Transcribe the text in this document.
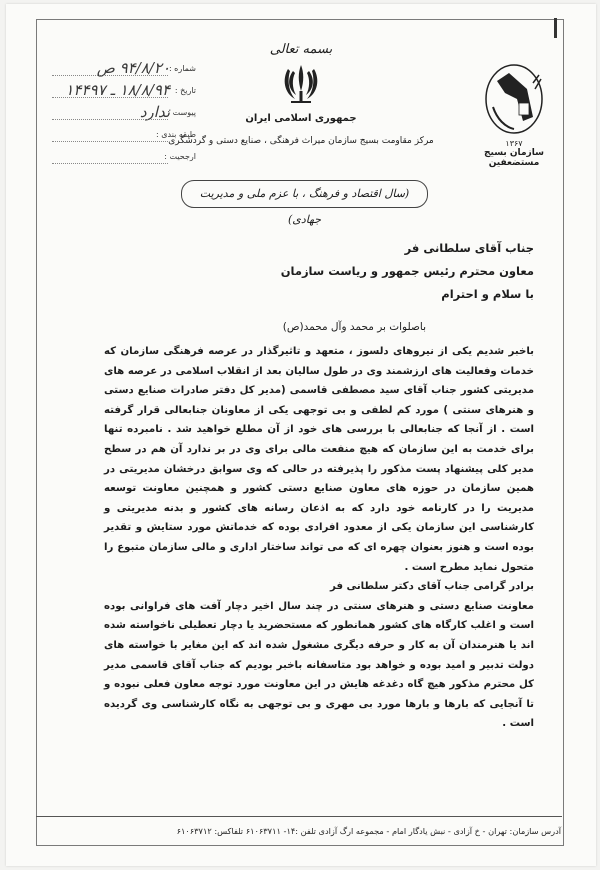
شماره :
۹۴/۸/۲۰ ص
تاریخ :
۱۸/۸/۹۴ ـ ۱۴۴۹۷
پیوست :
ندارد
طبقه بندی :
ارجحیت :
بسمه تعالی
جمهوری اسلامی ایران
مرکز مقاومت بسیج سازمان میراث فرهنگی ، صنایع دستی و گردشگری	۱۳۶۷
سازمان بسیج مستضعفین
(سال اقتصاد و فرهنگ ، با عزم ملی و مدیریت جهادی)

جناب آقای سلطانی فر

معاون محترم رئیس جمهور و ریاست سازمان

با سلام و احترام

باصلوات بر محمد وآل محمد(ص)

باخبر شدیم یکی از نیروهای دلسوز ، متعهد و تاثیرگذار در عرصه فرهنگی سازمان که خدمات وفعالیت های ارزشمند وی در طول سالیان بعد از انقلاب اسلامی در عرصه های مدیریتی کشور جناب آقای سید مصطفی قاسمی (مدیر کل دفتر صادرات صنایع دستی و هنرهای سنتی ) مورد کم لطفی و بی توجهی یکی از معاونان جنابعالی قرار گرفته است . از آنجا که جنابعالی با بررسی های خود از آن مطلع خواهید شد . نامبرده تنها برای خدمت به این سازمان که هیچ منفعت مالی برای وی در بر ندارد آن هم در سطح مدیر کلی پیشنهاد پست مذکور را پذیرفته در حالی که وی سوابق درخشان مدیریتی در همین سازمان در حوزه های معاون صنایع دستی کشور و همچنین معاونت توسعه مدیریت را در کارنامه خود دارد که به اذعان رسانه های کشور و بدنه مدیریتی و کارشناسی این سازمان یکی از معدود افرادی بوده که خدماتش مورد ستایش و تقدیر بوده است و هنوز بعنوان چهره ای که می تواند ساختار اداری و مالی سازمان متبوع را متحول نماید مطرح است .

برادر گرامی جناب آقای دکتر سلطانی فر

معاونت صنایع دستی و هنرهای سنتی در چند سال اخیر دچار آفت های فراوانی بوده است و اغلب کارگاه های کشور همانطور که مستحضرید یا دچار تعطیلی ناخواسته شده اند یا هنرمندان آن به کار و حرفه دیگری مشغول شده اند که این مغایر با خواسته های دولت تدبیر و امید بوده و خواهد بود متاسفانه باخبر بودیم که جناب آقای قاسمی مدیر کل محترم مذکور هیچ گاه دغدغه هایش در این معاونت مورد توجه معاون فعلی نبوده و تا آنجایی که بارها و بارها مورد بی مهری و بی توجهی به نگاه کارشناسی وی گردیده است .

آدرس سازمان: تهران - خ آزادی - نبش یادگار امام - مجموعه ارگ آزادی تلفن :۱۴- ۶۱۰۶۳۷۱۱ تلفاکس: ۶۱۰۶۳۷۱۲
